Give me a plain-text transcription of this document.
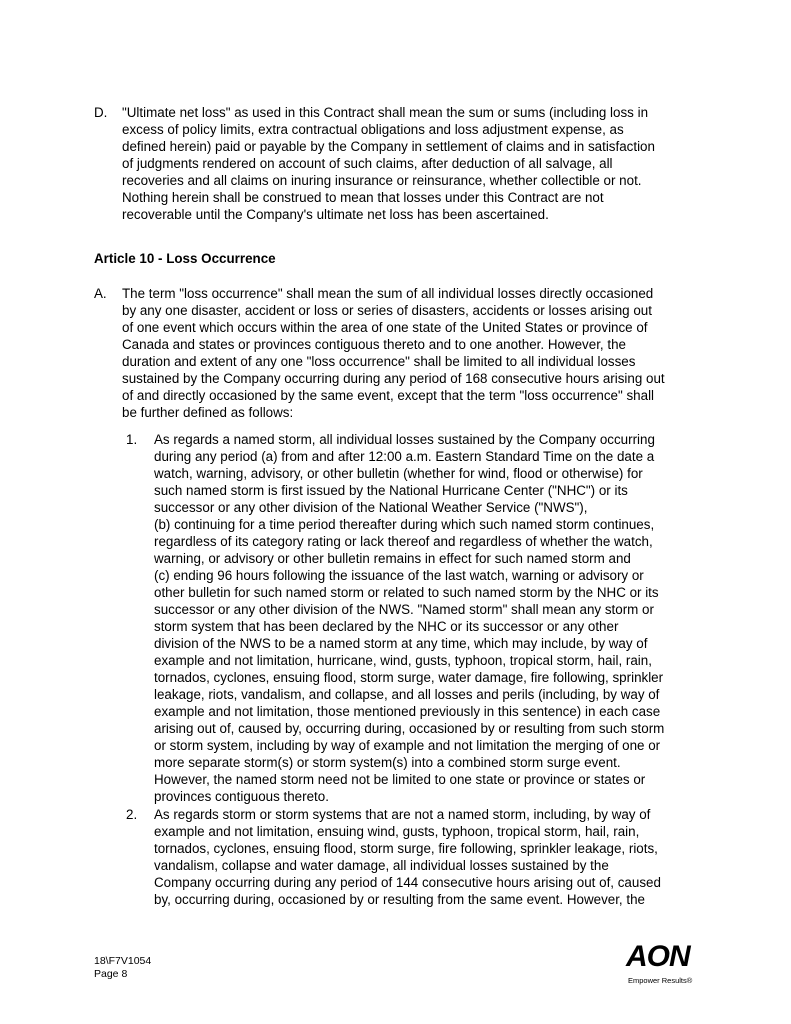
D. "Ultimate net loss" as used in this Contract shall mean the sum or sums (including loss in
excess of policy limits, extra contractual obligations and loss adjustment expense, as
defined herein) paid or payable by the Company in settlement of claims and in satisfaction
of judgments rendered on account of such claims, after deduction of all salvage, all
recoveries and all claims on inuring insurance or reinsurance, whether collectible or not.
Nothing herein shall be construed to mean that losses under this Contract are not
recoverable until the Company's ultimate net loss has been ascertained.
Article 10 - Loss Occurrence
A. The term "loss occurrence" shall mean the sum of all individual losses directly occasioned
by any one disaster, accident or loss or series of disasters, accidents or losses arising out
of one event which occurs within the area of one state of the United States or province of
Canada and states or provinces contiguous thereto and to one another. However, the
duration and extent of any one "loss occurrence" shall be limited to all individual losses
sustained by the Company occurring during any period of 168 consecutive hours arising out
of and directly occasioned by the same event, except that the term "loss occurrence" shall
be further defined as follows:
1. As regards a named storm, all individual losses sustained by the Company occurring
during any period (a) from and after 12:00 a.m. Eastern Standard Time on the date a
watch, warning, advisory, or other bulletin (whether for wind, flood or otherwise) for
such named storm is first issued by the National Hurricane Center ("NHC") or its
successor or any other division of the National Weather Service ("NWS"),
(b) continuing for a time period thereafter during which such named storm continues,
regardless of its category rating or lack thereof and regardless of whether the watch,
warning, or advisory or other bulletin remains in effect for such named storm and
(c) ending 96 hours following the issuance of the last watch, warning or advisory or
other bulletin for such named storm or related to such named storm by the NHC or its
successor or any other division of the NWS. "Named storm" shall mean any storm or
storm system that has been declared by the NHC or its successor or any other
division of the NWS to be a named storm at any time, which may include, by way of
example and not limitation, hurricane, wind, gusts, typhoon, tropical storm, hail, rain,
tornados, cyclones, ensuing flood, storm surge, water damage, fire following, sprinkler
leakage, riots, vandalism, and collapse, and all losses and perils (including, by way of
example and not limitation, those mentioned previously in this sentence) in each case
arising out of, caused by, occurring during, occasioned by or resulting from such storm
or storm system, including by way of example and not limitation the merging of one or
more separate storm(s) or storm system(s) into a combined storm surge event.
However, the named storm need not be limited to one state or province or states or
provinces contiguous thereto.
2. As regards storm or storm systems that are not a named storm, including, by way of
example and not limitation, ensuing wind, gusts, typhoon, tropical storm, hail, rain,
tornados, cyclones, ensuing flood, storm surge, fire following, sprinkler leakage, riots,
vandalism, collapse and water damage, all individual losses sustained by the
Company occurring during any period of 144 consecutive hours arising out of, caused
by, occurring during, occasioned by or resulting from the same event. However, the
18\F7V1054
Page 8
AON
Empower Results®
